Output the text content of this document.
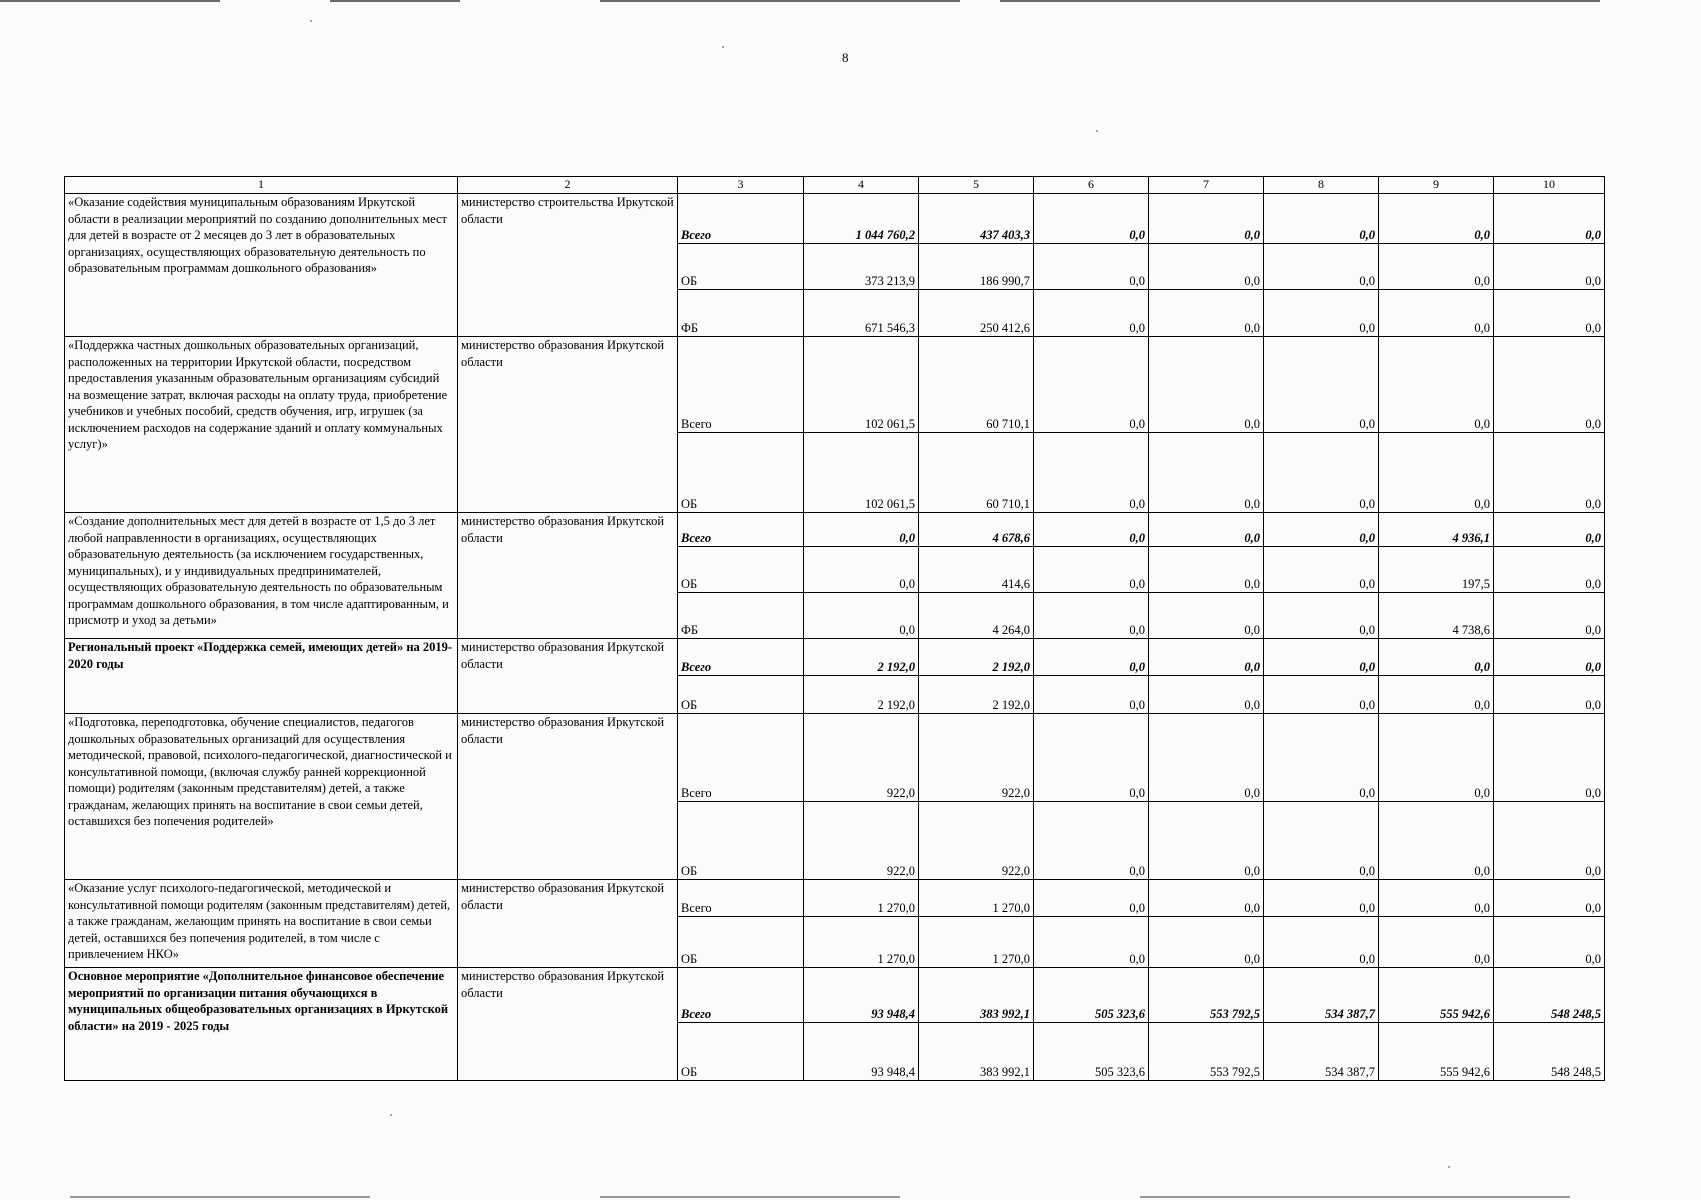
8
1	2	3	4	5	6	7	8	9	10
«Оказание содействия муниципальным образованиям Иркутской области в реализации мероприятий по созданию дополнительных мест для детей в возрасте от 2 месяцев до 3 лет в образовательных организациях, осуществляющих образовательную деятельность по образовательным программам дошкольного образования»	министерство строительства Иркутской области	Всего	1 044 760,2	437 403,3	0,0	0,0	0,0	0,0	0,0
		ОБ	373 213,9	186 990,7	0,0	0,0	0,0	0,0	0,0
		ФБ	671 546,3	250 412,6	0,0	0,0	0,0	0,0	0,0
«Поддержка частных дошкольных образовательных организаций, расположенных на территории Иркутской области, посредством предоставления указанным образовательным организациям субсидий на возмещение затрат, включая расходы на оплату труда, приобретение учебников и учебных пособий, средств обучения, игр, игрушек (за исключением расходов на содержание зданий и оплату коммунальных услуг)»	министерство образования Иркутской области	Всего	102 061,5	60 710,1	0,0	0,0	0,0	0,0	0,0
		ОБ	102 061,5	60 710,1	0,0	0,0	0,0	0,0	0,0
«Создание дополнительных мест для детей в возрасте от 1,5 до 3 лет любой направленности в организациях, осуществляющих образовательную деятельность (за исключением государственных, муниципальных), и у индивидуальных предпринимателей, осуществляющих образовательную деятельность по образовательным программам дошкольного образования, в том числе адаптированным, и присмотр и уход за детьми»	министерство образования Иркутской области	Всего	0,0	4 678,6	0,0	0,0	0,0	4 936,1	0,0
		ОБ	0,0	414,6	0,0	0,0	0,0	197,5	0,0
		ФБ	0,0	4 264,0	0,0	0,0	0,0	4 738,6	0,0
Региональный проект «Поддержка семей, имеющих детей» на 2019-2020 годы	министерство образования Иркутской области	Всего	2 192,0	2 192,0	0,0	0,0	0,0	0,0	0,0
		ОБ	2 192,0	2 192,0	0,0	0,0	0,0	0,0	0,0
«Подготовка, переподготовка, обучение специалистов, педагогов дошкольных образовательных организаций для осуществления методической, правовой, психолого-педагогической, диагностической и консультативной помощи, (включая службу ранней коррекционной помощи) родителям (законным представителям) детей, а также гражданам, желающих принять на воспитание в свои семьи детей, оставшихся без попечения родителей»	министерство образования Иркутской области	Всего	922,0	922,0	0,0	0,0	0,0	0,0	0,0
		ОБ	922,0	922,0	0,0	0,0	0,0	0,0	0,0
«Оказание услуг психолого-педагогической, методической и консультативной помощи родителям (законным представителям) детей, а также гражданам, желающим принять на воспитание в свои семьи детей, оставшихся без попечения родителей, в том числе с привлечением НКО»	министерство образования Иркутской области	Всего	1 270,0	1 270,0	0,0	0,0	0,0	0,0	0,0
		ОБ	1 270,0	1 270,0	0,0	0,0	0,0	0,0	0,0
Основное мероприятие «Дополнительное финансовое обеспечение мероприятий по организации питания обучающихся в муниципальных общеобразовательных организациях в Иркутской области» на 2019 - 2025 годы	министерство образования Иркутской области	Всего	93 948,4	383 992,1	505 323,6	553 792,5	534 387,7	555 942,6	548 248,5
		ОБ	93 948,4	383 992,1	505 323,6	553 792,5	534 387,7	555 942,6	548 248,5
